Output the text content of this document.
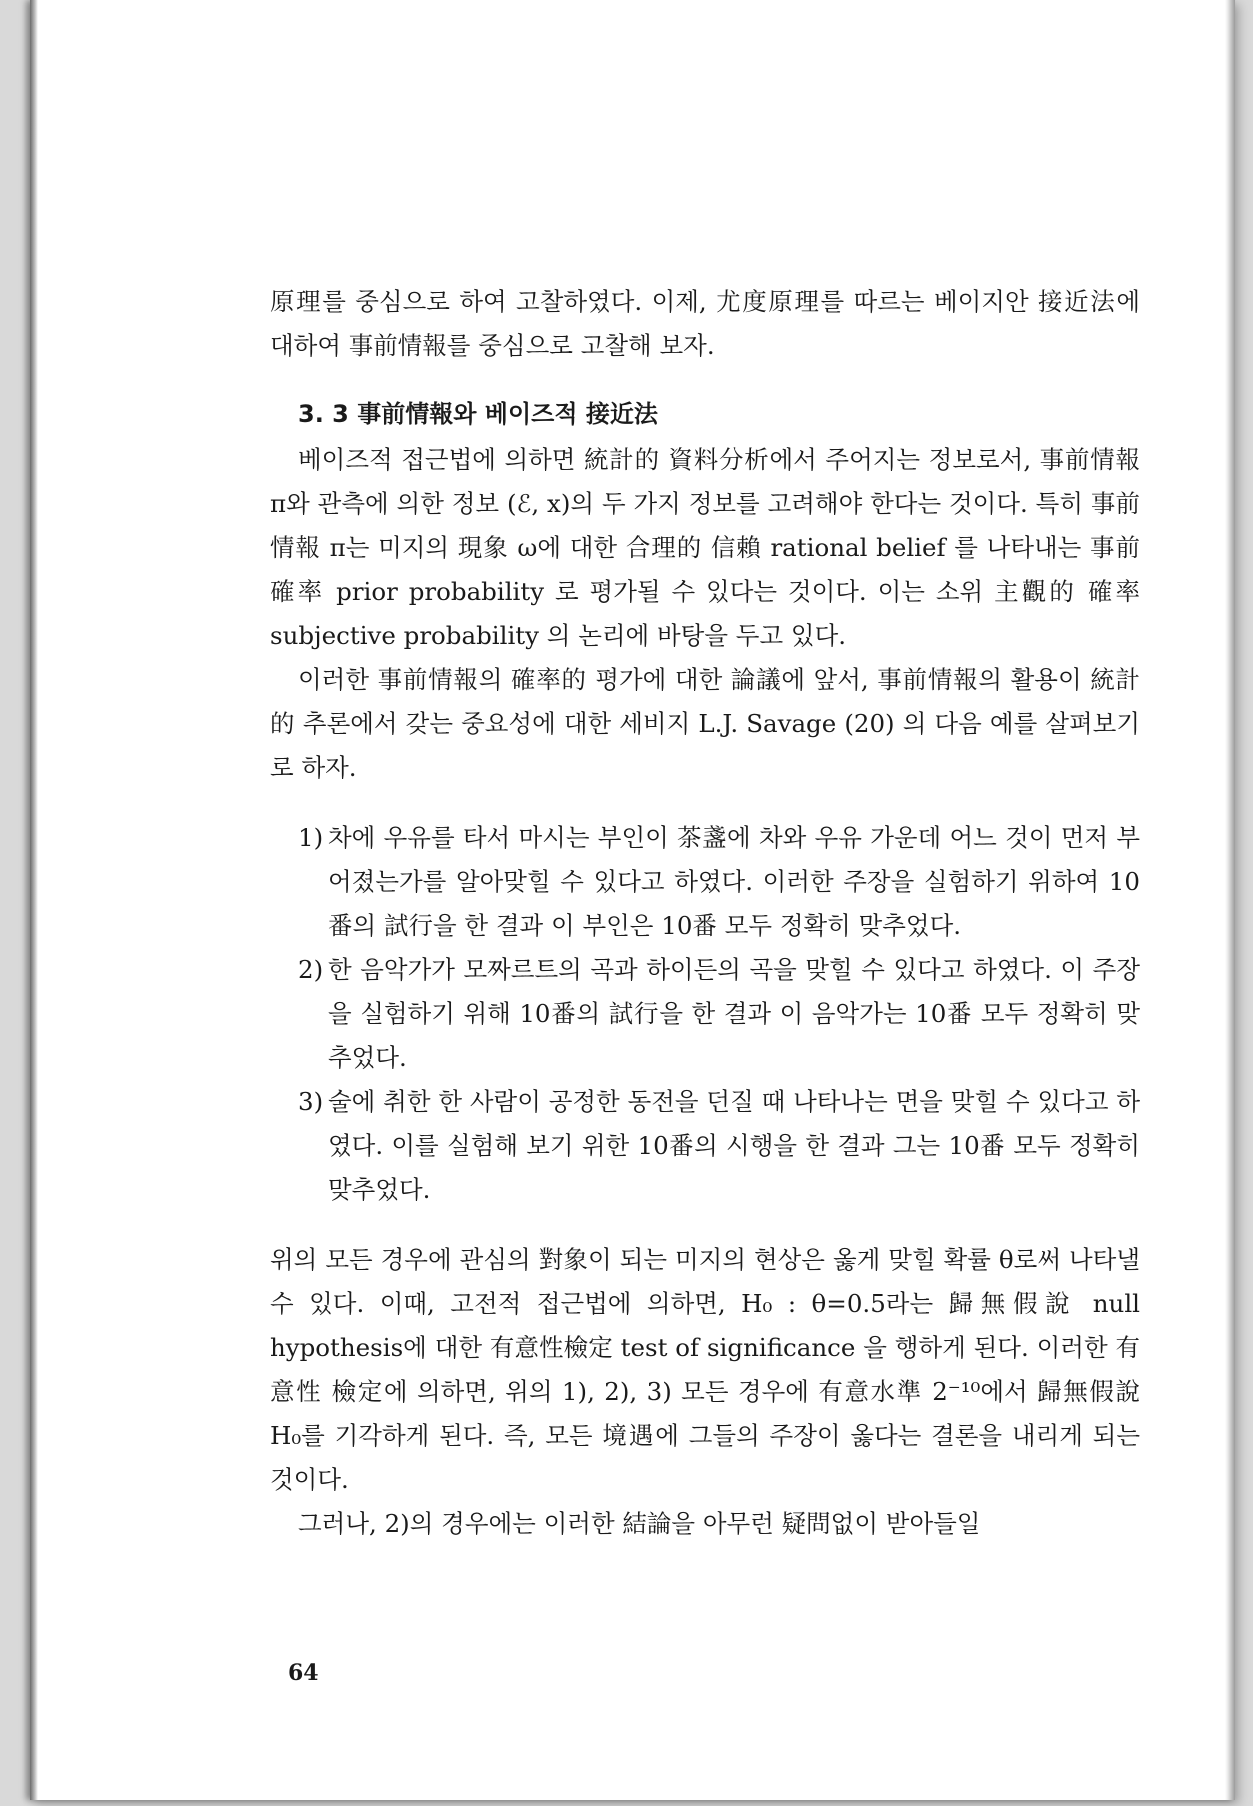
原理를 중심으로 하여 고찰하였다. 이제, 尤度原理를 따르는 베이지안 接近法에 대하여 事前情報를 중심으로 고찰해 보자.

3. 3 事前情報와 베이즈적 接近法

베이즈적 접근법에 의하면 統計的 資料分析에서 주어지는 정보로서, 事前情報 π와 관측에 의한 정보 (ℰ, x)의 두 가지 정보를 고려해야 한다는 것이다. 특히 事前情報 π는 미지의 現象 ω에 대한 合理的 信賴 rational belief 를 나타내는 事前確率 prior probability 로 평가될 수 있다는 것이다. 이는 소위 主觀的 確率 subjective probability 의 논리에 바탕을 두고 있다.

이러한 事前情報의 確率的 평가에 대한 論議에 앞서, 事前情報의 활용이 統計的 추론에서 갖는 중요성에 대한 세비지 L.J. Savage (20) 의 다음 예를 살펴보기로 하자.

1) 차에 우유를 타서 마시는 부인이 茶盞에 차와 우유 가운데 어느 것이 먼저 부어졌는가를 알아맞힐 수 있다고 하였다. 이러한 주장을 실험하기 위하여 10番의 試行을 한 결과 이 부인은 10番 모두 정확히 맞추었다.
2) 한 음악가가 모짜르트의 곡과 하이든의 곡을 맞힐 수 있다고 하였다. 이 주장을 실험하기 위해 10番의 試行을 한 결과 이 음악가는 10番 모두 정확히 맞추었다.
3) 술에 취한 한 사람이 공정한 동전을 던질 때 나타나는 면을 맞힐 수 있다고 하였다. 이를 실험해 보기 위한 10番의 시행을 한 결과 그는 10番 모두 정확히 맞추었다.

위의 모든 경우에 관심의 對象이 되는 미지의 현상은 옳게 맞힐 확률 θ로써 나타낼 수 있다. 이때, 고전적 접근법에 의하면, H₀ : θ=0.5라는 歸無假說 null hypothesis에 대한 有意性檢定 test of significance 을 행하게 된다. 이러한 有意性 檢定에 의하면, 위의 1), 2), 3) 모든 경우에 有意水準 2⁻¹⁰에서 歸無假說 H₀를 기각하게 된다. 즉, 모든 境遇에 그들의 주장이 옳다는 결론을 내리게 되는 것이다.

그러나, 2)의 경우에는 이러한 結論을 아무런 疑問없이 받아들일

64
